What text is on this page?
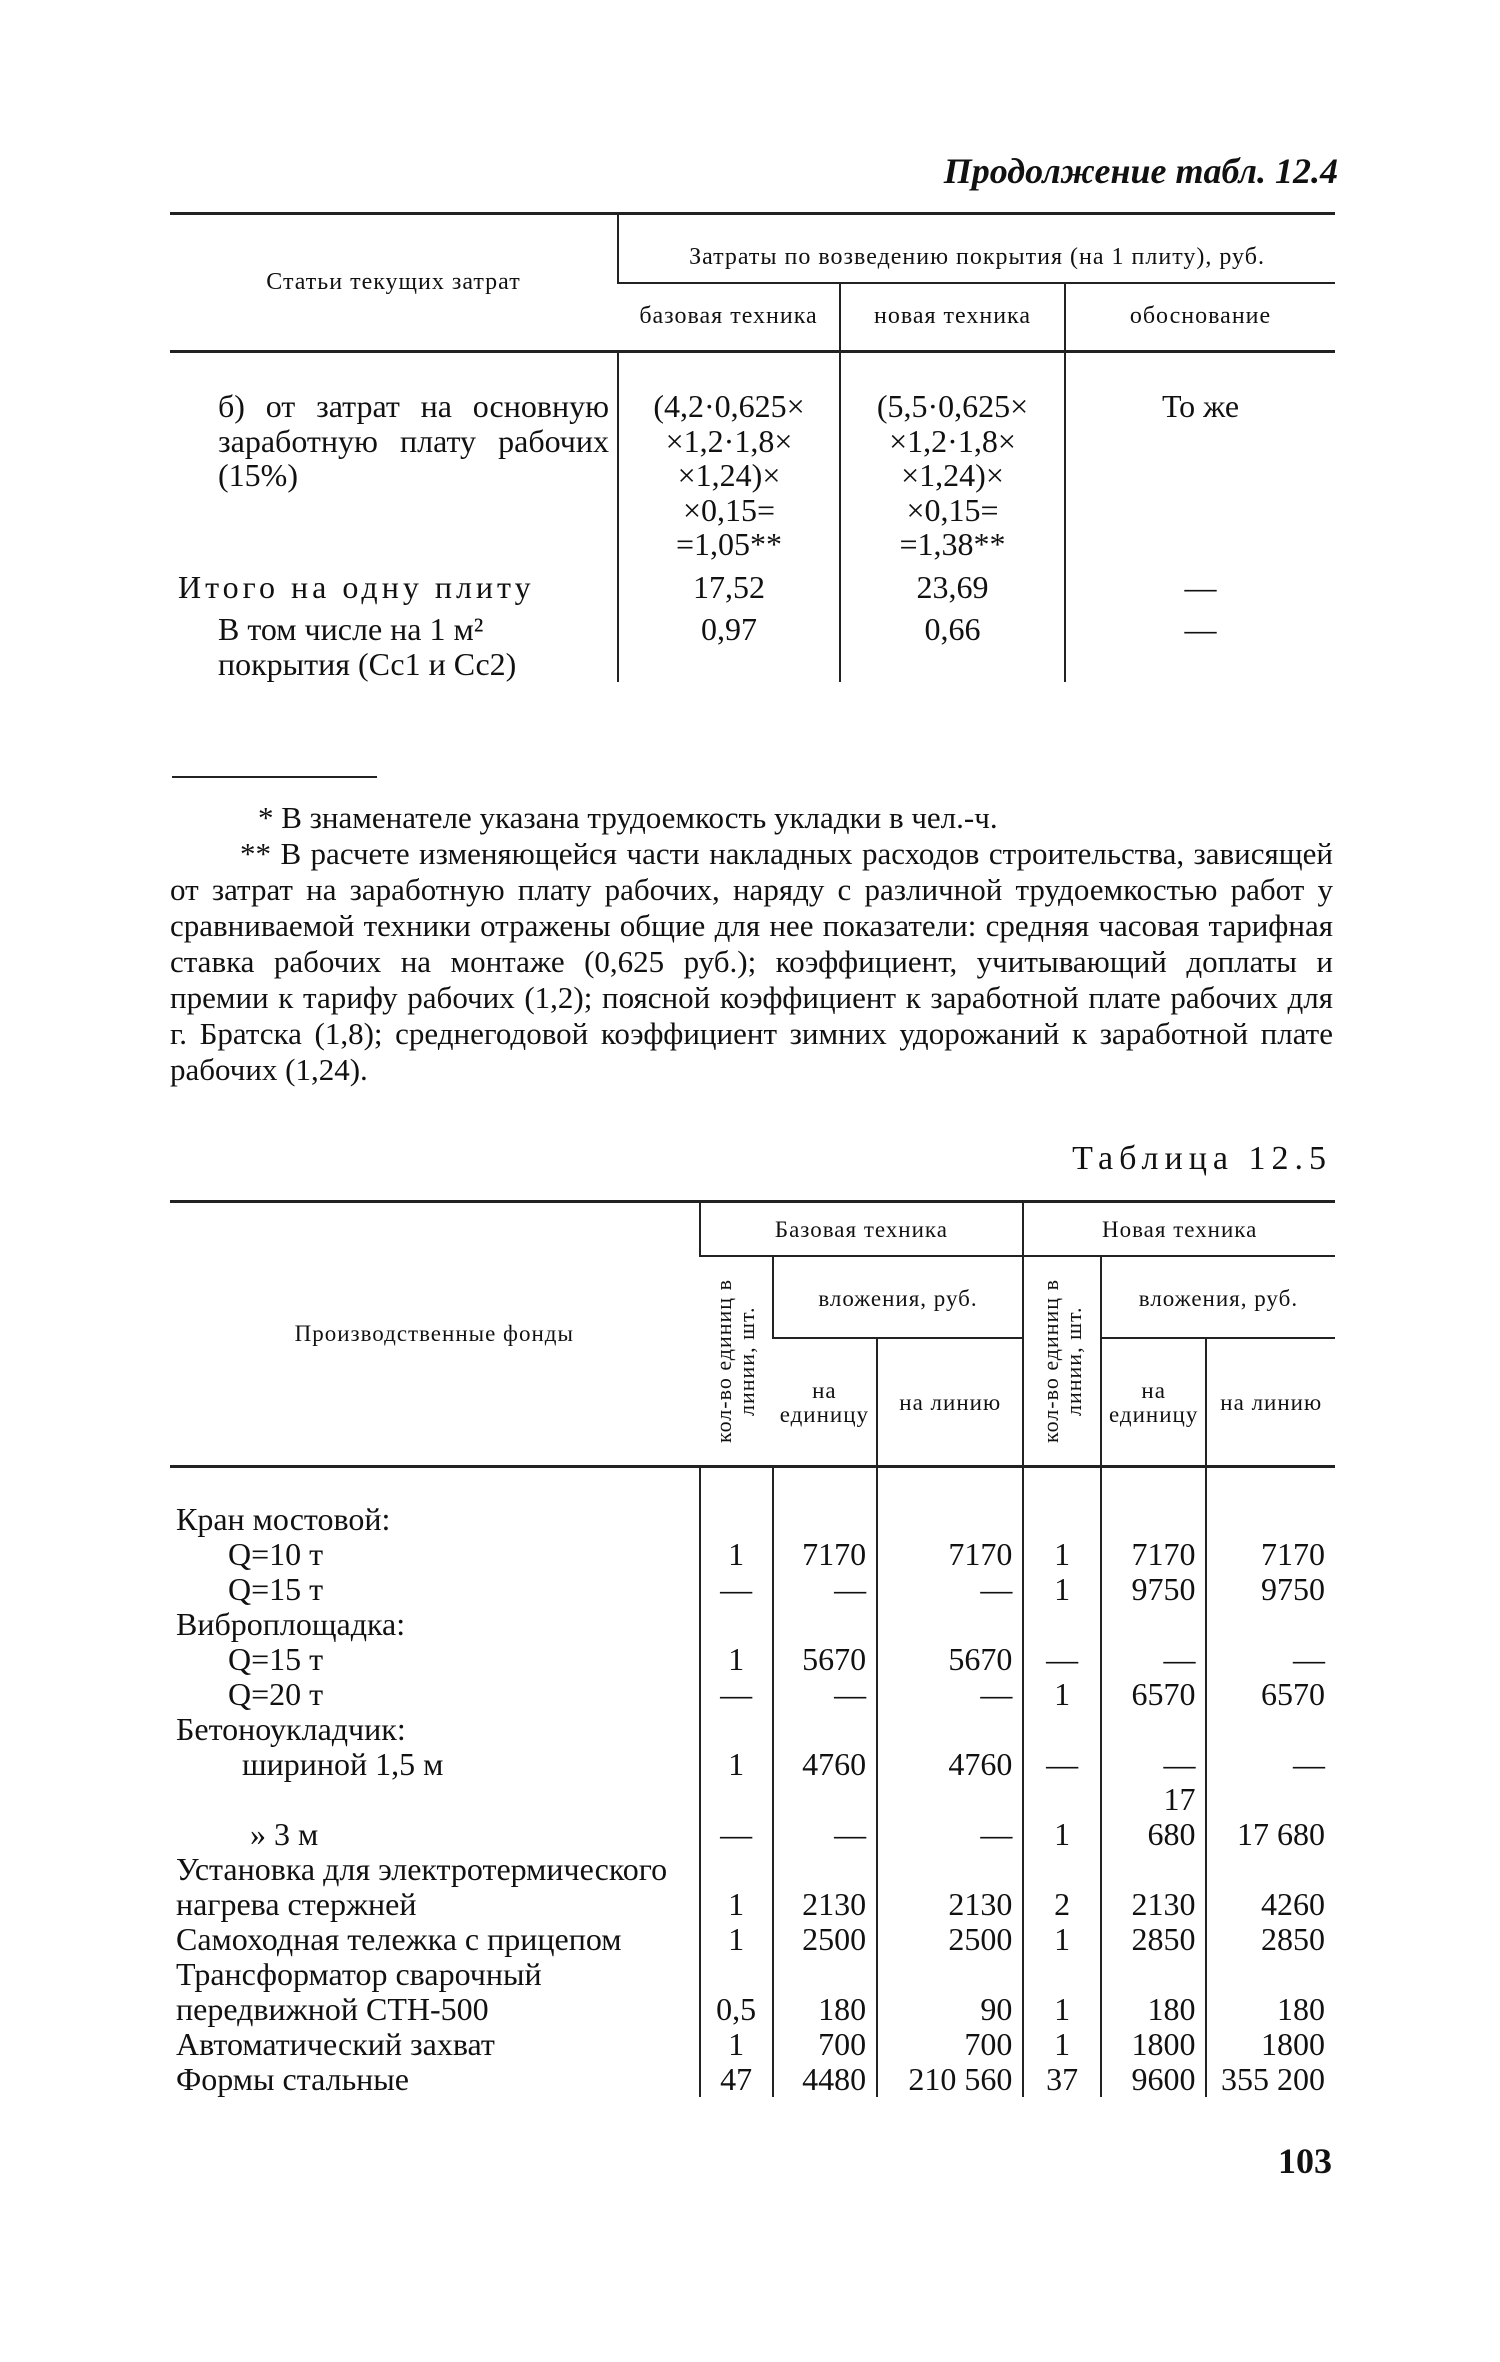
Продолжение табл. 12.4
Статьи текущих затрат	Затраты по возведению покрытия (на 1 плиту), руб.		
	базовая техника	новая техника	обоснование
б) от затрат на основную заработную плату рабочих (15%)	(4,2·0,625×
×1,2·1,8×
×1,24)×
×0,15=
=1,05**	(5,5·0,625×
×1,2·1,8×
×1,24)×
×0,15=
=1,38**	То же
Итого на одну плиту	17,52	23,69	—
В том числе на 1 м² покрытия (Сс1 и Сс2)	0,97	0,66	—
* В знаменателе указана трудоемкость укладки в чел.-ч.
** В расчете изменяющейся части накладных расходов строительства, зависящей от затрат на заработную плату рабочих, наряду с различной трудоемкостью работ у сравниваемой техники отражены общие для нее показатели: средняя часовая тарифная ставка рабочих на монтаже (0,625 руб.); коэффициент, учитывающий доплаты и премии к тарифу рабочих (1,2); поясной коэффициент к заработной плате рабочих для г. Братска (1,8); среднегодовой коэффициент зимних удорожаний к заработной плате рабочих (1,24).
Таблица 12.5
Производственные фонды	Базовая техника			Новая техника		

	кол-во единиц в линии, шт.	вложения, руб.		кол-во единиц в линии, шт.	вложения, руб.	
		на единицу	на линию		на единицу	на линию
Кран мостовой:						
Q=10 т	1	7170	7170	1	7170	7170
Q=15 т	—	—	—	1	9750	9750
Виброплощадка:						
Q=15 т	1	5670	5670	—	—	—
Q=20 т	—	—	—	1	6570	6570
Бетоноукладчик:						
шириной 1,5 м	1	4760	4760	—	—	—
» 3 м	—	—	—	1	17 680	17 680
Установка для электротермического нагрева стержней	1	2130	2130	2	2130	4260
Самоходная тележка с прицепом	1	2500	2500	1	2850	2850
Трансформатор сварочный передвижной СТН-500	0,5	180	90	1	180	180
Автоматический захват	1	700	700	1	1800	1800
Формы стальные	47	4480	210 560	37	9600	355 200
103
